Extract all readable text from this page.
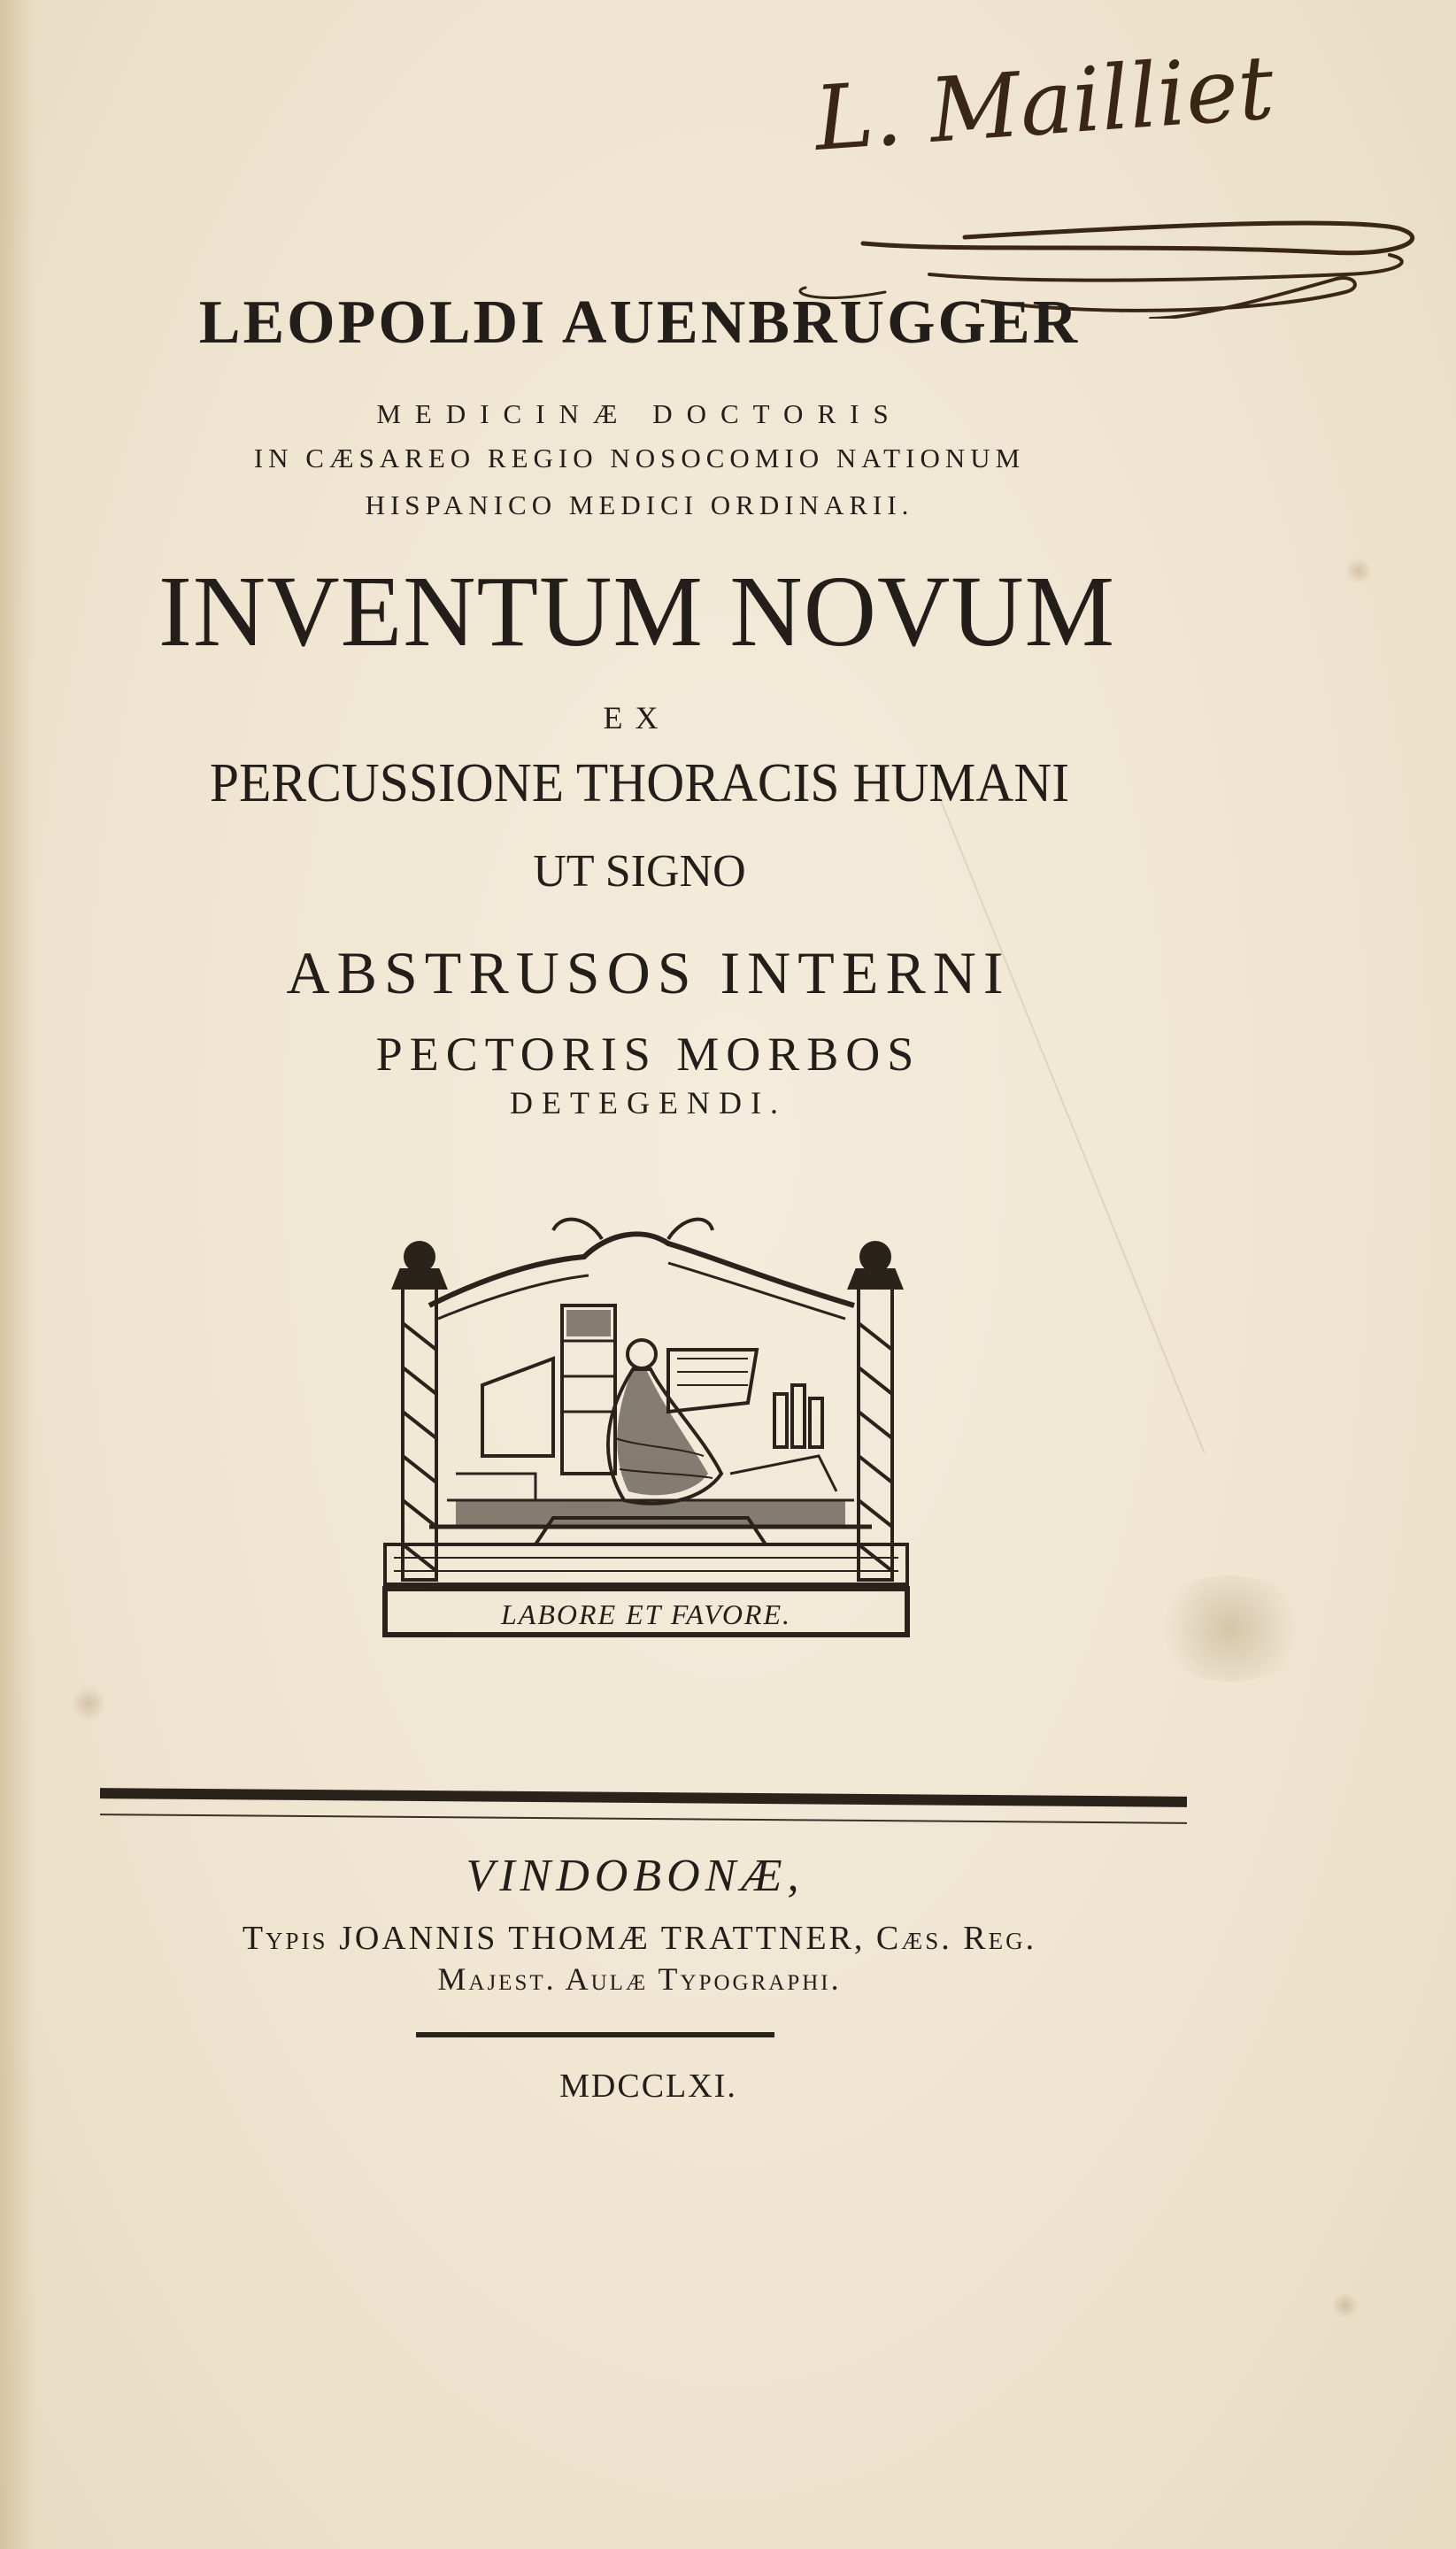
L. Mailliet
LEOPOLDI AUENBRUGGER
MEDICINÆ DOCTORIS
IN CÆSAREO REGIO NOSOCOMIO NATIONUM
HISPANICO MEDICI ORDINARII.
INVENTUM NOVUM
EX
PERCUSSIONE THORACIS HUMANI
UT SIGNO
ABSTRUSOS INTERNI
PECTORIS MORBOS
DETEGENDI.
LABORE ET FAVORE.
VINDOBONÆ,
Typis JOANNIS THOMÆ TRATTNER, Cæs. Reg.
Majest. Aulæ Typographi.
MDCCLXI.
